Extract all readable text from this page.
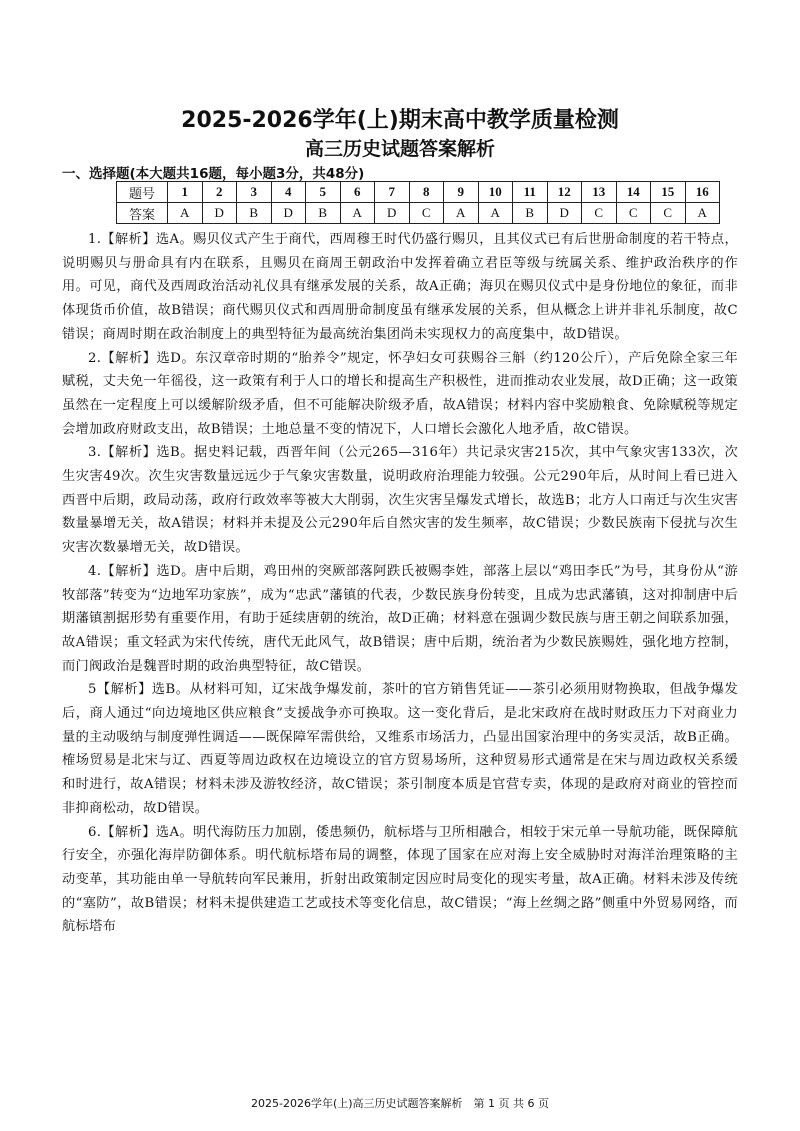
2025-2026学年(上)期末高中教学质量检测
高三历史试题答案解析
一、选择题(本大题共16题，每小题3分，共48分)
题号	1	2	3	4	5	6	7	8	9	10	11	12	13	14	15	16
答案	A	D	B	D	B	A	D	C	A	A	B	D	C	C	C	A

1.【解析】选A。赐贝仪式产生于商代，西周穆王时代仍盛行赐贝，且其仪式已有后世册命制度的若干特点，说明赐贝与册命具有内在联系，且赐贝在商周王朝政治中发挥着确立君臣等级与统属关系、维护政治秩序的作用。可见，商代及西周政治活动礼仪具有继承发展的关系，故A正确；海贝在赐贝仪式中是身份地位的象征，而非体现货币价值，故B错误；商代赐贝仪式和西周册命制度虽有继承发展的关系，但从概念上讲并非礼乐制度，故C错误；商周时期在政治制度上的典型特征为最高统治集团尚未实现权力的高度集中，故D错误。

2.【解析】选D。东汉章帝时期的“胎养令”规定，怀孕妇女可获赐谷三斛（约120公斤），产后免除全家三年赋税，丈夫免一年徭役，这一政策有利于人口的增长和提高生产积极性，进而推动农业发展，故D正确；这一政策虽然在一定程度上可以缓解阶级矛盾，但不可能解决阶级矛盾，故A错误；材料内容中奖励粮食、免除赋税等规定会增加政府财政支出，故B错误；土地总量不变的情况下，人口增长会激化人地矛盾，故C错误。

3.【解析】选B。据史料记载，西晋年间（公元265—316年）共记录灾害215次，其中气象灾害133次，次生灾害49次。次生灾害数量远远少于气象灾害数量，说明政府治理能力较强。公元290年后，从时间上看已进入西晋中后期，政局动荡，政府行政效率等被大大削弱，次生灾害呈爆发式增长，故选B；北方人口南迁与次生灾害数量暴增无关，故A错误；材料并未提及公元290年后自然灾害的发生频率，故C错误；少数民族南下侵扰与次生灾害次数暴增无关，故D错误。

4.【解析】选D。唐中后期，鸡田州的突厥部落阿跌氏被赐李姓，部落上层以“鸡田李氏”为号，其身份从“游牧部落”转变为“边地军功家族”，成为“忠武”藩镇的代表，少数民族身份转变，且成为忠武藩镇，这对抑制唐中后期藩镇割据形势有重要作用，有助于延续唐朝的统治，故D正确；材料意在强调少数民族与唐王朝之间联系加强，故A错误；重文轻武为宋代传统，唐代无此风气，故B错误；唐中后期，统治者为少数民族赐姓，强化地方控制，而门阀政治是魏晋时期的政治典型特征，故C错误。

5【解析】选B。从材料可知，辽宋战争爆发前，茶叶的官方销售凭证——茶引必须用财物换取，但战争爆发后，商人通过“向边境地区供应粮食”支援战争亦可换取。这一变化背后，是北宋政府在战时财政压力下对商业力量的主动吸纳与制度弹性调适——既保障军需供给，又维系市场活力，凸显出国家治理中的务实灵活，故B正确。榷场贸易是北宋与辽、西夏等周边政权在边境设立的官方贸易场所，这种贸易形式通常是在宋与周边政权关系缓和时进行，故A错误；材料未涉及游牧经济，故C错误；茶引制度本质是官营专卖，体现的是政府对商业的管控而非抑商松动，故D错误。

6.【解析】选A。明代海防压力加剧，倭患频仍，航标塔与卫所相融合，相较于宋元单一导航功能，既保障航行安全，亦强化海岸防御体系。明代航标塔布局的调整，体现了国家在应对海上安全威胁时对海洋治理策略的主动变革，其功能由单一导航转向军民兼用，折射出政策制定因应时局变化的现实考量，故A正确。材料未涉及传统的“塞防”，故B错误；材料未提供建造工艺或技术等变化信息，故C错误；“海上丝绸之路”侧重中外贸易网络，而航标塔布

2025-2026学年(上)高三历史试题答案解析　第 1 页 共 6 页
